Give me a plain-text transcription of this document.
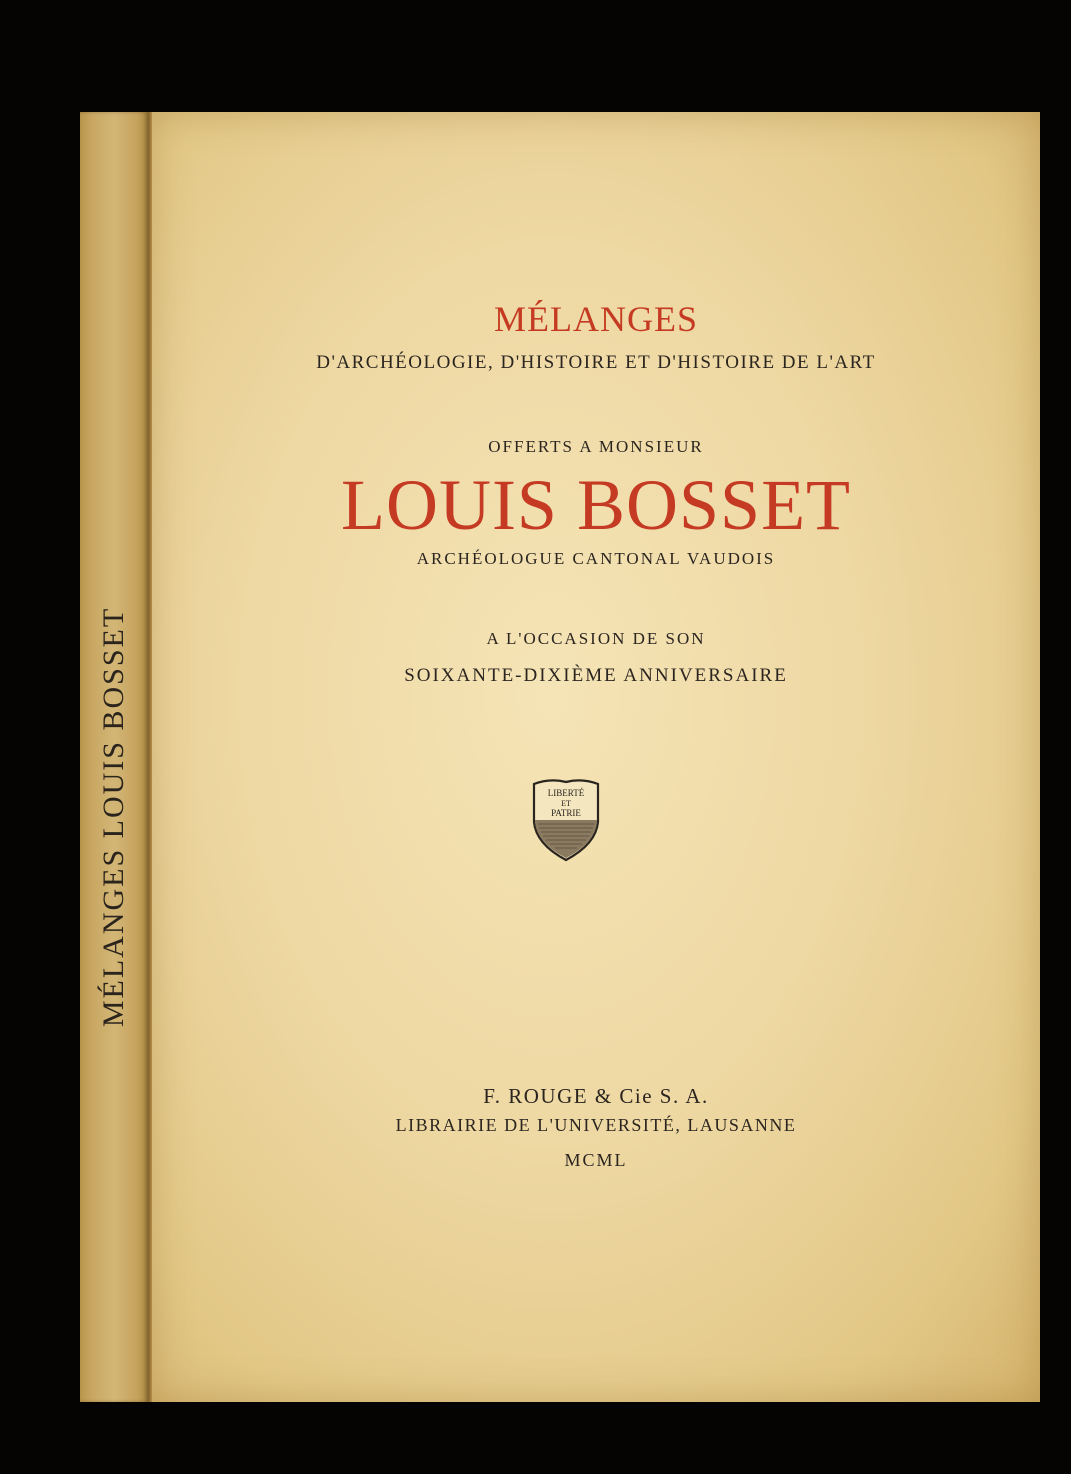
MÉLANGES LOUIS BOSSET
MÉLANGES
D'ARCHÉOLOGIE, D'HISTOIRE ET D'HISTOIRE DE L'ART
OFFERTS A MONSIEUR
LOUIS BOSSET
ARCHÉOLOGUE CANTONAL VAUDOIS
A L'OCCASION DE SON
SOIXANTE-DIXIÈME ANNIVERSAIRE
LIBERTÉ
ET
PATRIE
F. ROUGE & Cie S. A.
LIBRAIRIE DE L'UNIVERSITÉ, LAUSANNE
MCML
